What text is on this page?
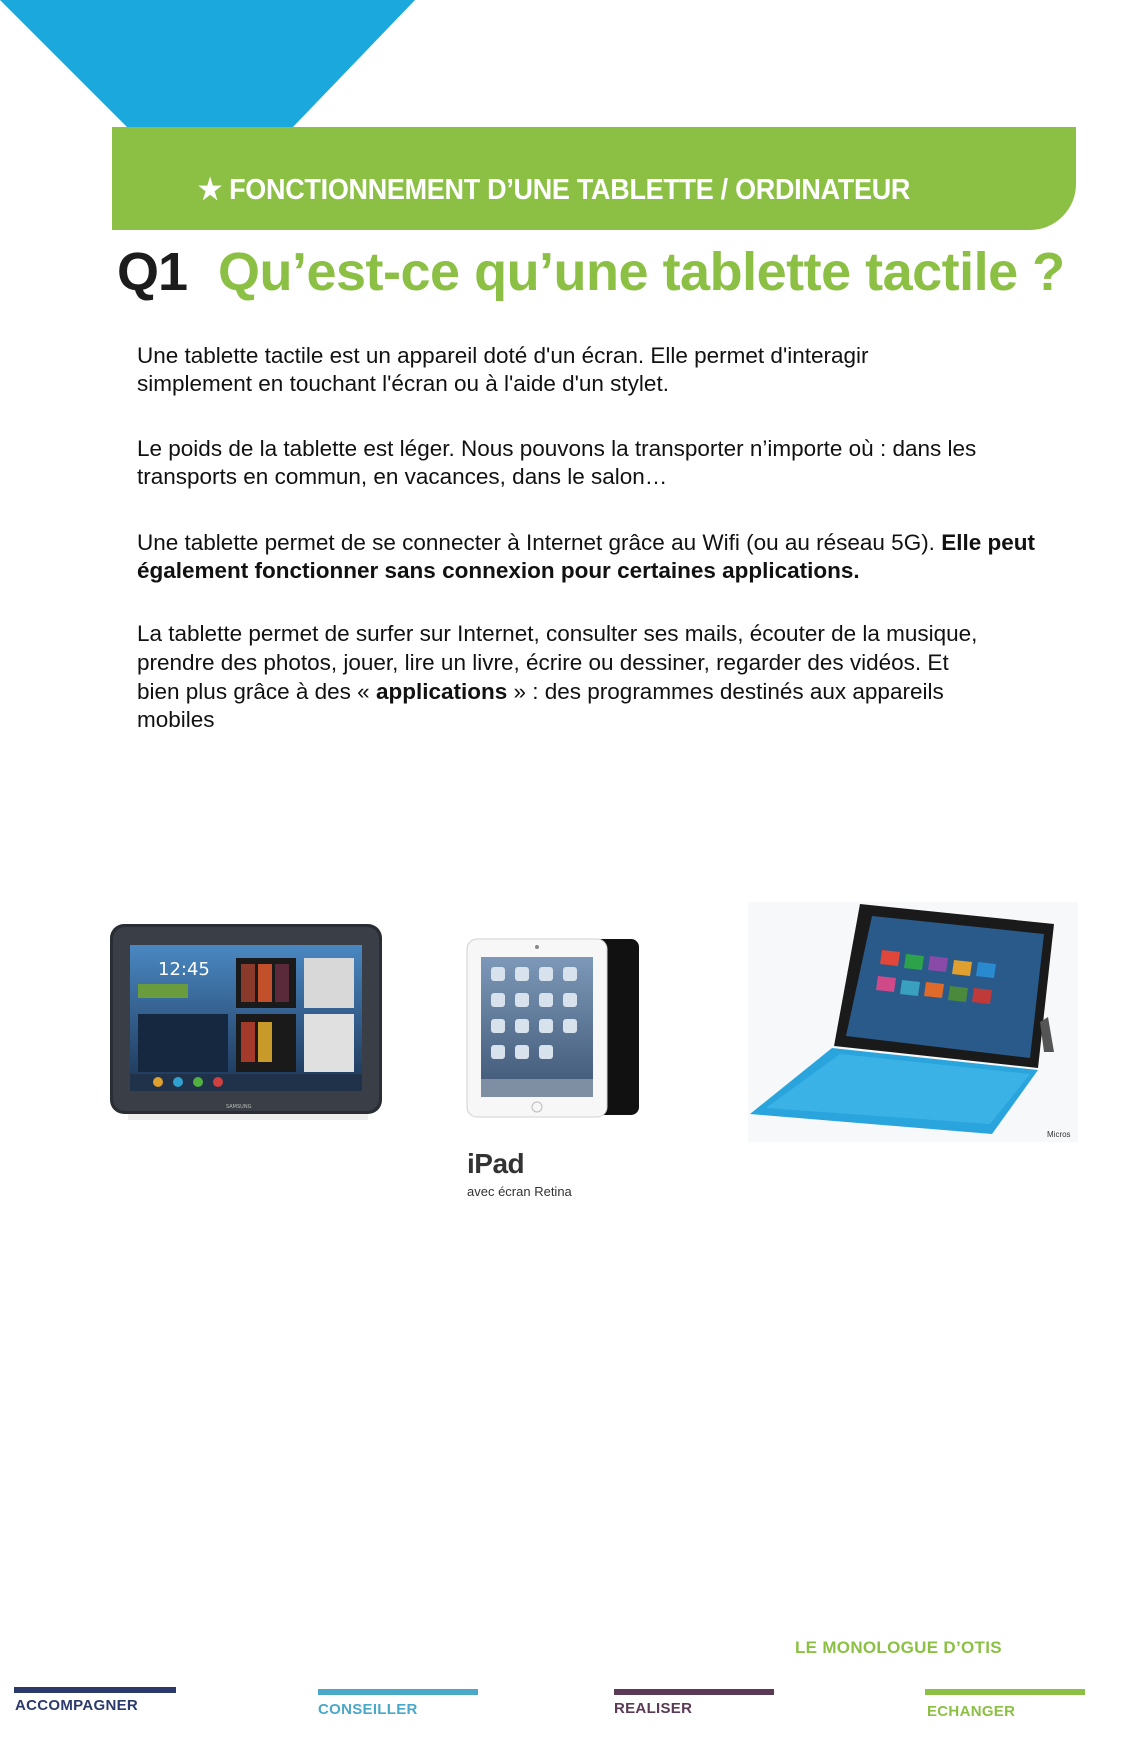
★ FONCTIONNEMENT D’UNE TABLETTE / ORDINATEUR
Q1 Qu’est-ce qu’une tablette tactile ?
Une tablette tactile est un appareil doté d'un écran. Elle permet d'interagir
simplement en touchant l'écran ou à l'aide d'un stylet.
Le poids de la tablette est léger. Nous pouvons la transporter n’importe où : dans les
transports en commun, en vacances, dans le salon…
Une tablette permet de se connecter à Internet grâce au Wifi (ou au réseau 5G). Elle peut
également fonctionner sans connexion pour certaines applications.
La tablette permet de surfer sur Internet, consulter ses mails, écouter de la musique,
prendre des photos, jouer, lire un livre, écrire ou dessiner, regarder des vidéos. Et
bien plus grâce à des « applications » : des programmes destinés aux appareils
mobiles
12:45
SAMSUNG
iPad
avec écran Retina
Micros
LE MONOLOGUE D’OTIS
ACCOMPAGNER	CONSEILLER	REALISER	ECHANGER
